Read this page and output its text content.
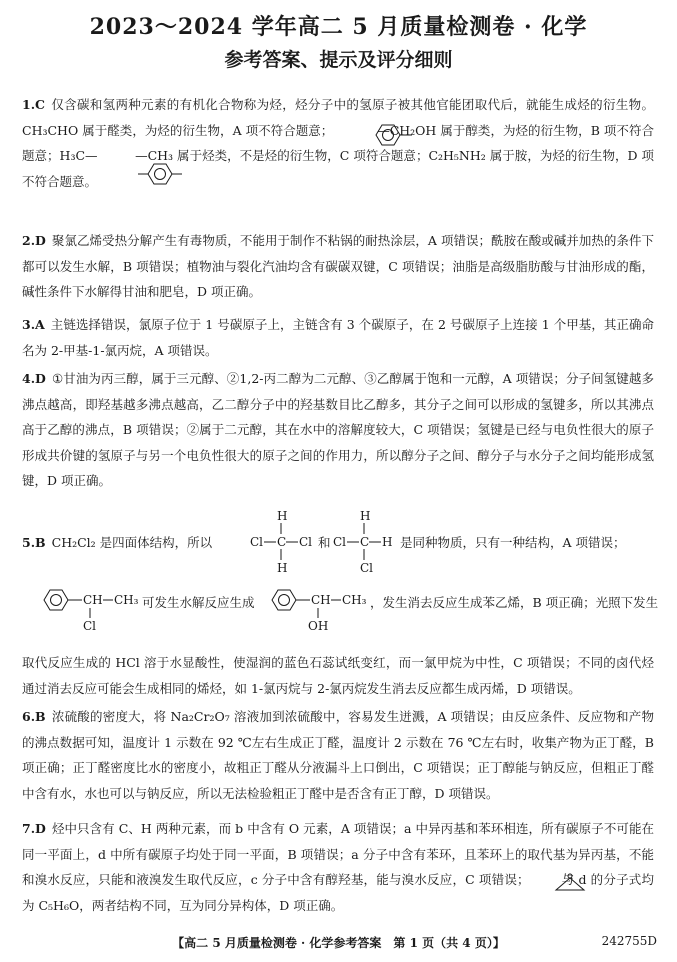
2023～2024 学年高二 5 月质量检测卷 · 化学
参考答案、提示及评分细则
1.C 仅含碳和氢两种元素的有机化合物称为烃，烃分子中的氢原子被其他官能团取代后，就能生成烃的衍生物。CH₃CHO 属于醛类，为烃的衍生物，A 项不符合题意；　　　　—CH₂OH 属于醇类，为烃的衍生物，B 项不符合题意；H₃C—　　　—CH₃ 属于烃类，不是烃的衍生物，C 项符合题意；C₂H₅NH₂ 属于胺，为烃的衍生物，D 项不符合题意。
2.D 聚氯乙烯受热分解产生有毒物质，不能用于制作不粘锅的耐热涂层，A 项错误；酰胺在酸或碱并加热的条件下都可以发生水解，B 项错误；植物油与裂化汽油均含有碳碳双键，C 项错误；油脂是高级脂肪酸与甘油形成的酯，碱性条件下水解得甘油和肥皂，D 项正确。
3.A 主链选择错误，氯原子位于 1 号碳原子上，主链含有 3 个碳原子，在 2 号碳原子上连接 1 个甲基，其正确命名为 2-甲基-1-氯丙烷，A 项错误。
4.D ①甘油为丙三醇，属于三元醇、②1,2-丙二醇为二元醇、③乙醇属于饱和一元醇，A 项错误；分子间氢键越多沸点越高，即羟基越多沸点越高，乙二醇分子中的羟基数目比乙醇多，其分子之间可以形成的氢键多，所以其沸点高于乙醇的沸点，B 项错误；②属于二元醇，其在水中的溶解度较大，C 项错误；氢键是已经与电负性很大的原子形成共价键的氢原子与另一个电负性很大的原子之间的作用力，所以醇分子之间、醇分子与水分子之间均能形成氢键，D 项正确。
5.B CH₂Cl₂ 是四面体结构，所以	和	是同种物质，只有一种结构，A 项错误；
H
Cl C Cl
H
H
Cl C H
Cl
CH CH₃
Cl
可发生水解反应生成	CH CH₃
OH
，发生消去反应生成苯乙烯，B 项正确；光照下发生
取代反应生成的 HCl 溶于水显酸性，使湿润的蓝色石蕊试纸变红，而一氯甲烷为中性，C 项错误；不同的卤代烃通过消去反应可能会生成相同的烯烃，如 1-氯丙烷与 2-氯丙烷发生消去反应都生成丙烯，D 项错误。
6.B 浓硫酸的密度大，将 Na₂Cr₂O₇ 溶液加到浓硫酸中，容易发生迸溅，A 项错误；由反应条件、反应物和产物的沸点数据可知，温度计 1 示数在 92 ℃左右生成正丁醛，温度计 2 示数在 76 ℃左右时，收集产物为正丁醛，B 项正确；正丁醛密度比水的密度小，故粗正丁醛从分液漏斗上口倒出，C 项错误；正丁醇能与钠反应，但粗正丁醛中含有水，水也可以与钠反应，所以无法检验粗正丁醛中是否含有正丁醇，D 项错误。
7.D 烃中只含有 C、H 两种元素，而 b 中含有 O 元素，A 项错误；a 中异丙基和苯环相连，所有碳原子不可能在同一平面上，d 中所有碳原子均处于同一平面，B 项错误；a 分子中含有苯环，且苯环上的取代基为异丙基，不能和溴水反应，只能和液溴发生取代反应，c 分子中含有醇羟基，能与溴水反应，C 项错误；　　　与 d 的分子式均为 C₅H₆O，两者结构不同，互为同分异构体，D 项正确。
【高二 5 月质量检测卷 · 化学参考答案　第 1 页（共 4 页）】	242755D
